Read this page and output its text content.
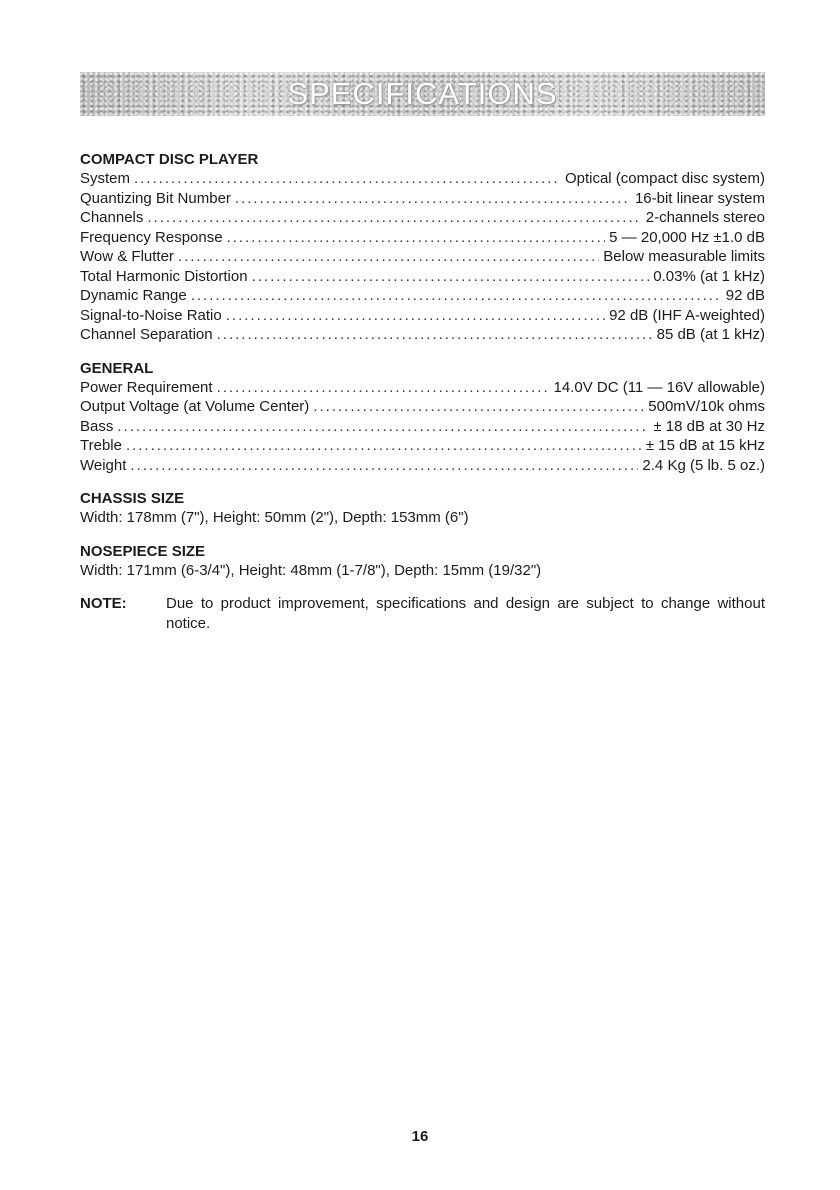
SPECIFICATIONS

COMPACT DISC PLAYER

System .....	Optical (compact disc system)
Quantizing Bit Number .....	16-bit linear system
Channels .....	2-channels stereo
Frequency Response .....	5 — 20,000 Hz ±1.0 dB
Wow & Flutter .....	Below measurable limits
Total Harmonic Distortion .....	0.03% (at 1 kHz)
Dynamic Range .....	92 dB
Signal-to-Noise Ratio .....	92 dB (IHF A-weighted)
Channel Separation .....	85 dB (at 1 kHz)

GENERAL

Power Requirement .....	14.0V DC (11 — 16V allowable)
Output Voltage (at Volume Center) .....	500mV/10k ohms
Bass .....	± 18 dB at 30 Hz
Treble .....	± 15 dB at 15 kHz
Weight .....	2.4 Kg (5 lb. 5 oz.)

CHASSIS SIZE

Width: 178mm (7"), Height: 50mm (2"), Depth: 153mm (6")

NOSEPIECE SIZE

Width: 171mm (6-3/4"), Height: 48mm (1-7/8"), Depth: 15mm (19/32")

NOTE:	Due to product improvement, specifications and design are subject to change without notice.
16
